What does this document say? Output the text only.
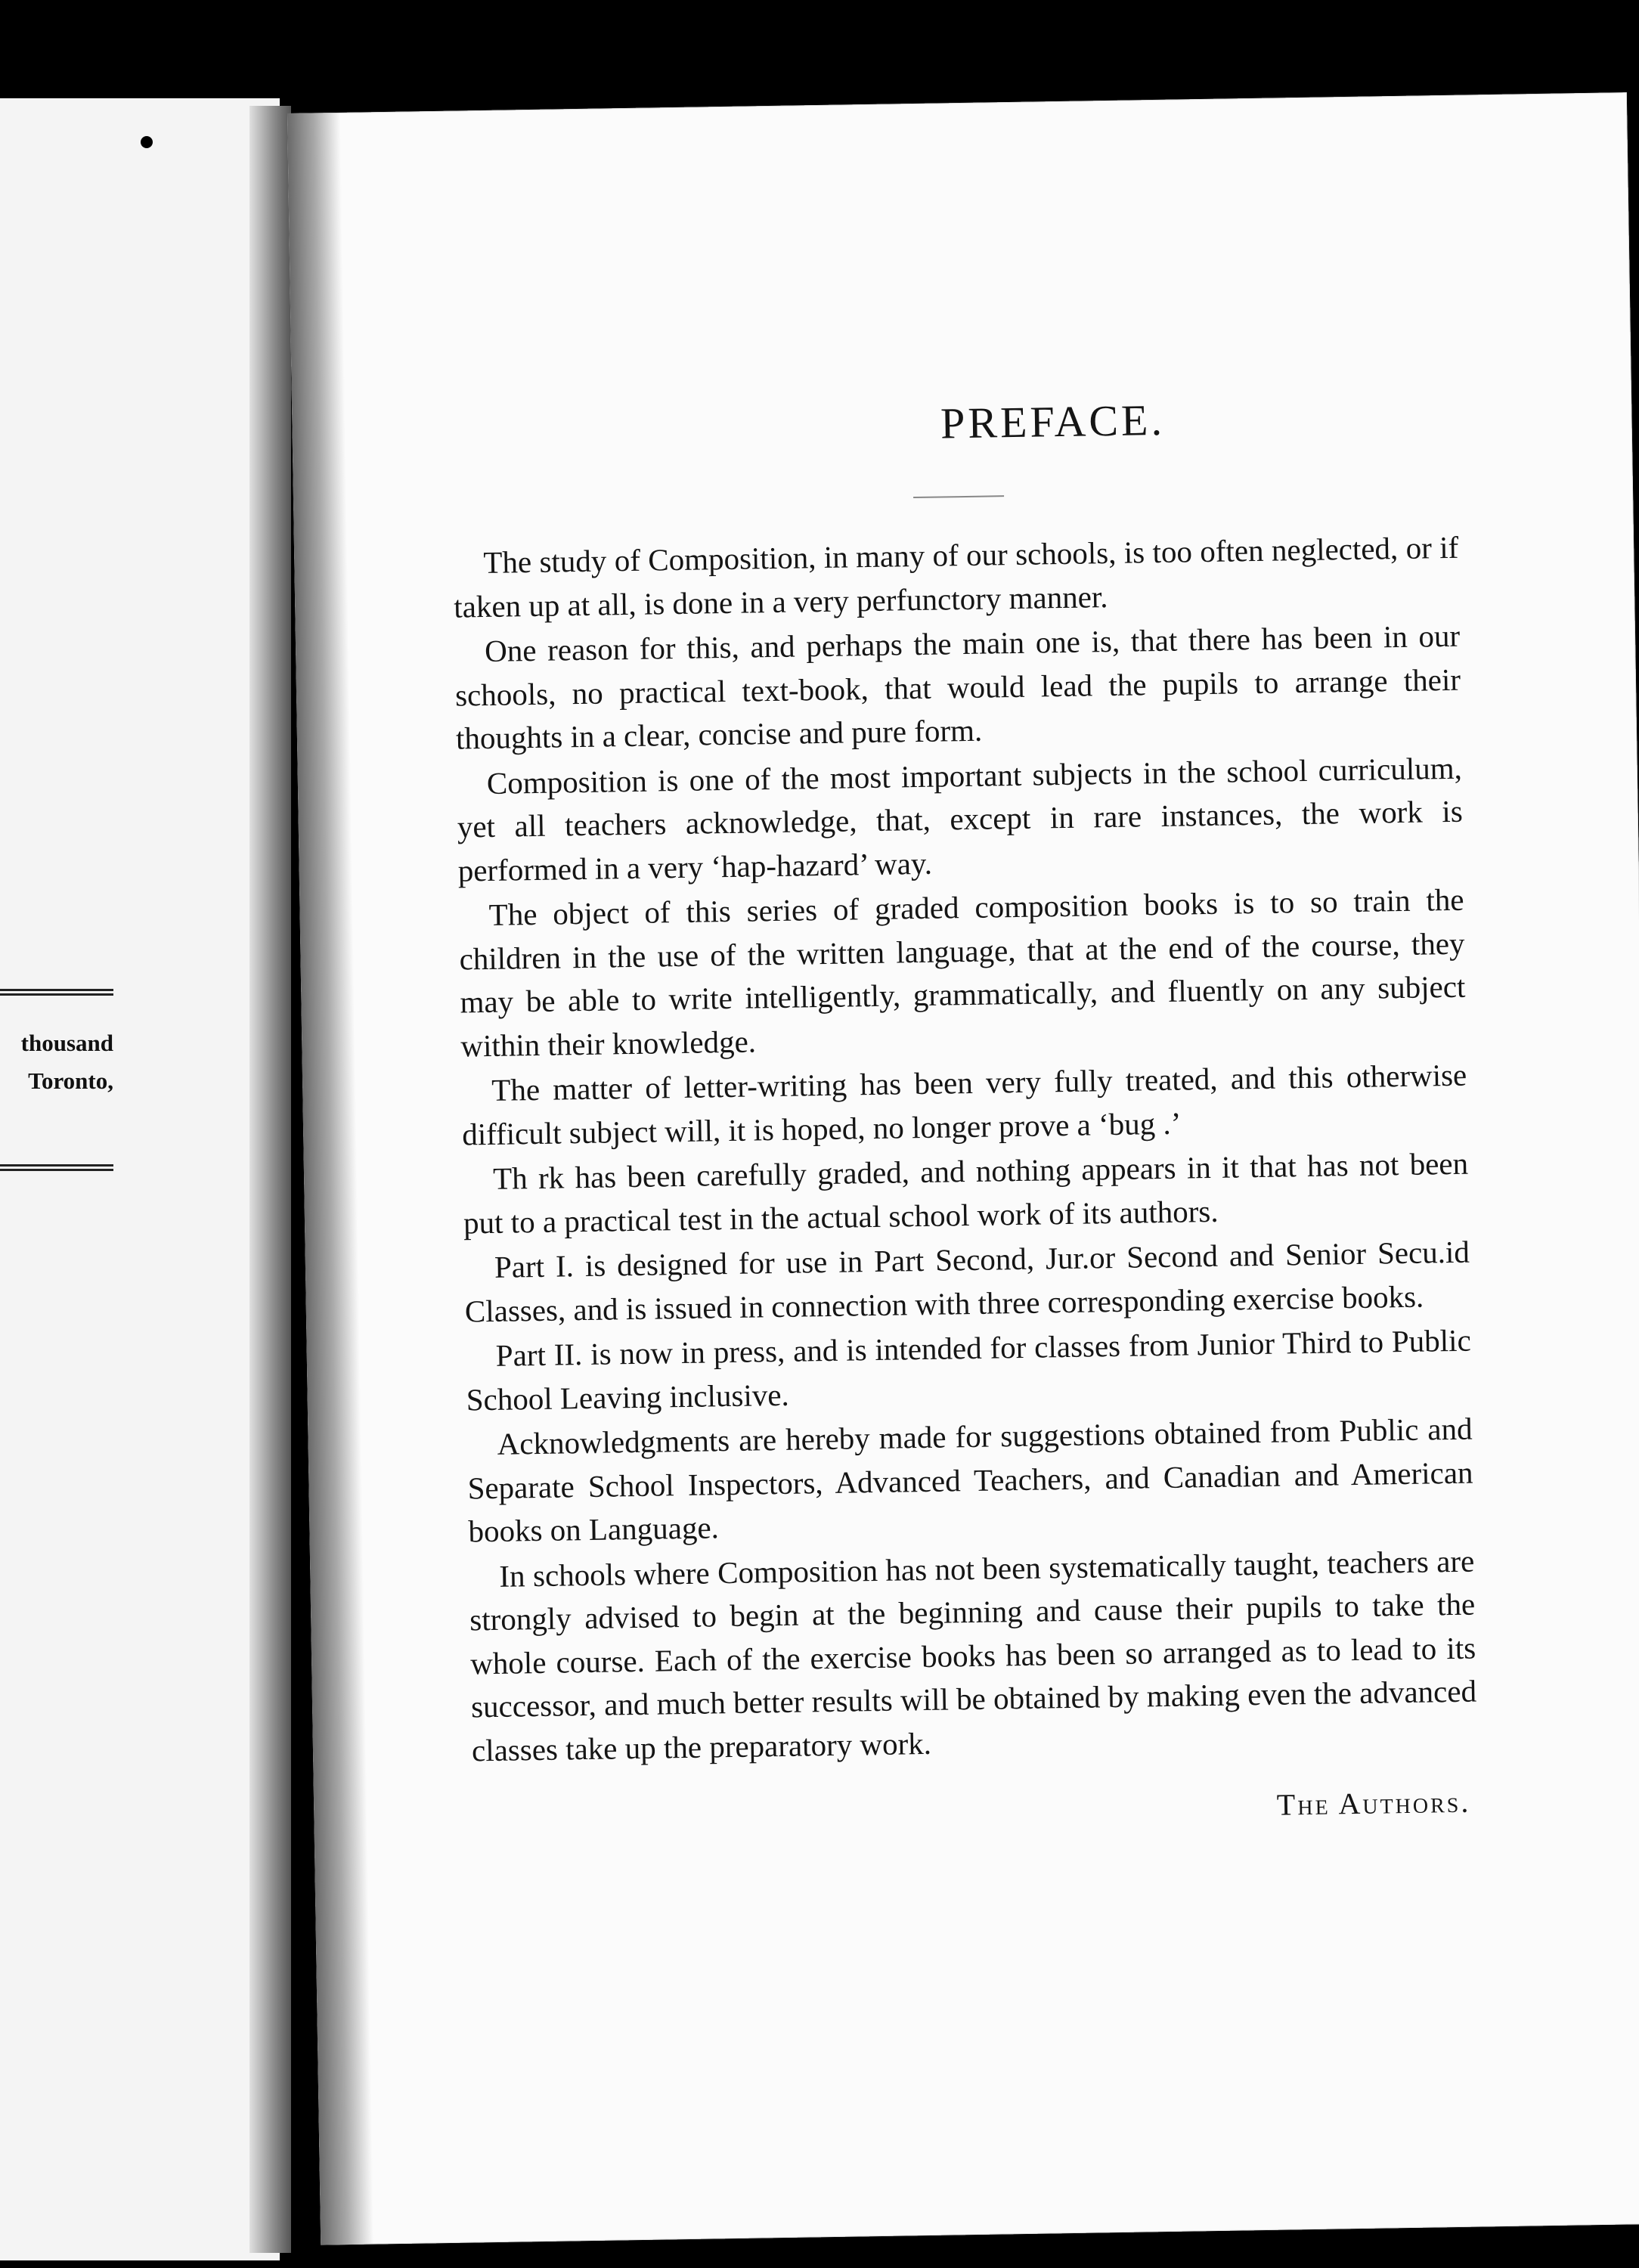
thousand
Toronto,
PREFACE.

The study of Composition, in many of our schools, is too often neglected, or if taken up at all, is done in a very perfunctory manner.

One reason for this, and perhaps the main one is, that there has been in our schools, no practical text-book, that would lead the pupils to arrange their thoughts in a clear, concise and pure form.

Composition is one of the most important subjects in the school curriculum, yet all teachers acknowledge, that, except in rare instances, the work is performed in a very ‘hap-hazard’ way.

The object of this series of graded composition books is to so train the children in the use of the written language, that at the end of the course, they may be able to write intelligently, grammatically, and fluently on any subject within their knowledge.

The matter of letter-writing has been very fully treated, and this otherwise difficult subject will, it is hoped, no longer prove a ‘bug .’

Th rk has been carefully graded, and nothing appears in it that has not been put to a practical test in the actual school work of its authors.

Part I. is designed for use in Part Second, Jur.or Second and Senior Secu.id Classes, and is issued in connection with three corresponding exercise books.

Part II. is now in press, and is intended for classes from Junior Third to Public School Leaving inclusive.

Acknowledgments are hereby made for suggestions obtained from Public and Separate School Inspectors, Advanced Teachers, and Canadian and American books on Language.

In schools where Composition has not been systematically taught, teachers are strongly advised to begin at the beginning and cause their pupils to take the whole course. Each of the exercise books has been so arranged as to lead to its successor, and much better results will be obtained by making even the advanced classes take up the preparatory work.

The Authors.
